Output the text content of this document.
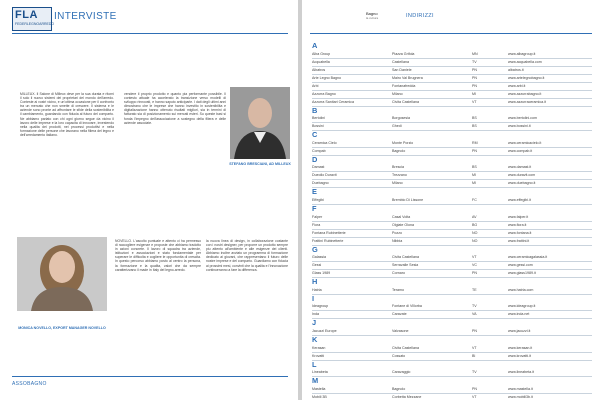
FLA
FEDERLEGNOARREDO
INTERVISTE
MILLEUX. Il Salone di Milleux deve per la sua durata e ritorni il solo il nuovo sistemi dei proprietari del mondo dell'arredo. Conteste ai vostri vicino, e un'ottima occasione per il confronto tra un mercato che non smette di crescere. Il sistema e le aziende sono pronte ad affrontare le sfide della sostenibilita e il cambiamento, guardando con fiducia al futuro del comparto. Ne abbiamo parlato con chi ogni giorno segue da vicino il lavoro delle imprese e la loro capacita di innovare, investendo nella qualita dei prodotti, nei processi produttivi e nella formazione delle persone che lavorano nella filiera del legno e dell'arredamento italiano.
vendere il proprio prodotto e quanto pia performante possibile. Il contesto attuale ha accelerato la transizione verso modelli di sviluppo rinnovati, e hanno saputo anticiparle. I dati degli ultimi anni dimostrano che le imprese che hanno investito in sostenibilita e digitalizzazione hanno ottenuto risultati migliori, sia in termini di fatturato sia di posizionamento sui mercati esteri. Su queste basi si fonda l'impegno dell'associazione a sostegno della filiera e delle aziende associate.
STEFANO BRESCIANI, AD MILLEUX
MONICA NOVELLO, EXPORT MANAGER NOVELLO
NOVELLO. L'ascolto puntuale e attento ci ha permesso di raccogliere esigenze e proposte che abbiamo tradotto in azioni concrete. Il lavoro di squadra tra aziende, istituzioni e associazioni e stato fondamentale per superare le difficolta e cogliere le opportunita di crescita. In questo percorso abbiamo posto al centro la persona, la formazione e la qualita, valori che da sempre caratterizzano il made in Italy del legno-arredo.
la nuova linea di design, in collaborazione costante con i nostri designer, per proporre un prodotto sempre piu attento all'ambiente e alle esigenze dei clienti. Abbiamo inoltre avviato un programma di formazione dedicato ai giovani, che rappresentano il futuro delle nostre imprese e del comparto. Guardiamo con fiducia ai prossimi mesi, convinti che la qualita e l'innovazione continueranno a fare la differenza.
ASSOBAGNO
Bagno
la cultura	INDIRIZZI
A
Alba Group	Piazza Grifola	MN	www.albagroup.it
Acquabella	Castellana	TV	www.acquabella.com
Albatros	San Daniele	PN	albatros.it
Arte Legno Bagno	Mairo Val Brugnera	PN	www.artelegnobagno.it
Arbi	Fontanafredda	PN	www.arbi.it
Azzurra Bagno	Milano	MI	www.azzurrabagno.it
Azzurra Sanitari Ceramica	Civita Castellana	VT	www.azzurraceramica.it
B
Bertolini	Borgosesia	BS	www.bertolini.com
Bossini	Ghedi	BS	www.bossini.it
C
Ceramica Cielo	Monte Porzio	RM	www.ceramicacielo.it
Compab	Bagnolo	PN	www.compab.it
D
Damast	Brescia	BS	www.damast.it
Dueolio Duravit	Trezzano	MI	www.duravit.com
Duebagno	Milano	MI	www.duebagno.it
E
Effegibi	Brembio Di Lissone	FC	www.effegibi.it
F
Falper	Casal Volta	AV	www.falper.it
Fiora	Olgiate Olona	BG	www.fiora.it
Fontana Rubinetterie	Pozzo	NO	www.fontana.it
Frattini Rubinetterie	Nibbia	NO	www.frattini.it
G
Galassia	Civita Castellana	VT	www.ceramicagalassia.it
Gessi	Serravalle Sesia	VC	www.gessi.com
Glass 1989	Cornaro	PN	www.glass1989.it
H
Hatria	Teramo	TE	www.hatria.com
I
Ideagroup	Fontane di Villorba	TV	www.ideagroup.it
Inda	Caravate	VA	www.inda.net
J
Jacuzzi Europe	Valvasone	PN	www.jacuzzi.it
K
Kerasan	Civita Castellana	VT	www.kerasan.it
Krovatti	Cossato	BI	www.krovatti.it
L
Lineabeta	Caravaggio	TV	www.lineabeta.it
M
Mastella	Bagnolo	PN	www.mastella.it
Mobili 3B	Corbetta Mezzane	VT	www.mobili3b.it
